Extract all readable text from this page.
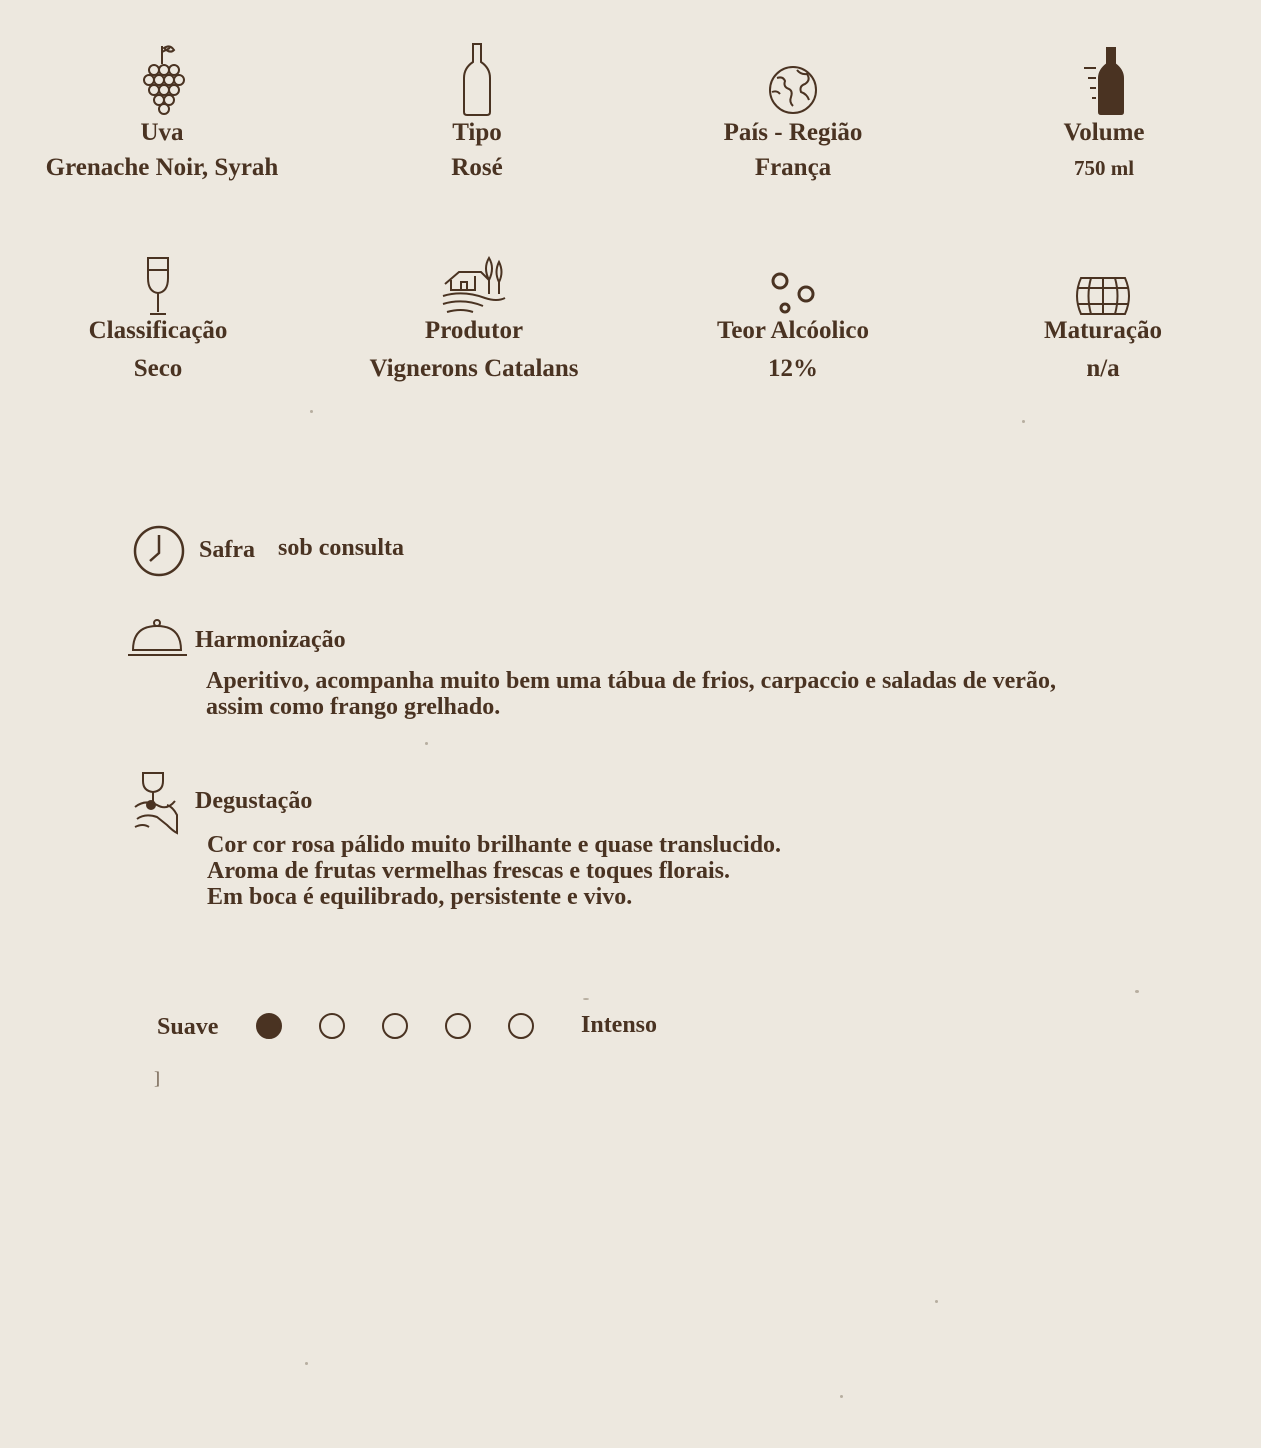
Uva
Grenache Noir, Syrah
Tipo
Rosé
País - Região
França
Volume
750 ml
Classificação
Seco
Produtor
Vignerons Catalans
Teor Alcóolico
12%
Maturação
n/a
Safra sob consulta
Harmonização
Aperitivo, acompanha muito bem uma tábua de frios, carpaccio e saladas de verão,
assim como frango grelhado.
Degustação
Cor cor rosa pálido muito brilhante e quase translucido.
Aroma de frutas vermelhas frescas e toques florais.
Em boca é equilibrado, persistente e vivo.
Suave	Intenso
]
